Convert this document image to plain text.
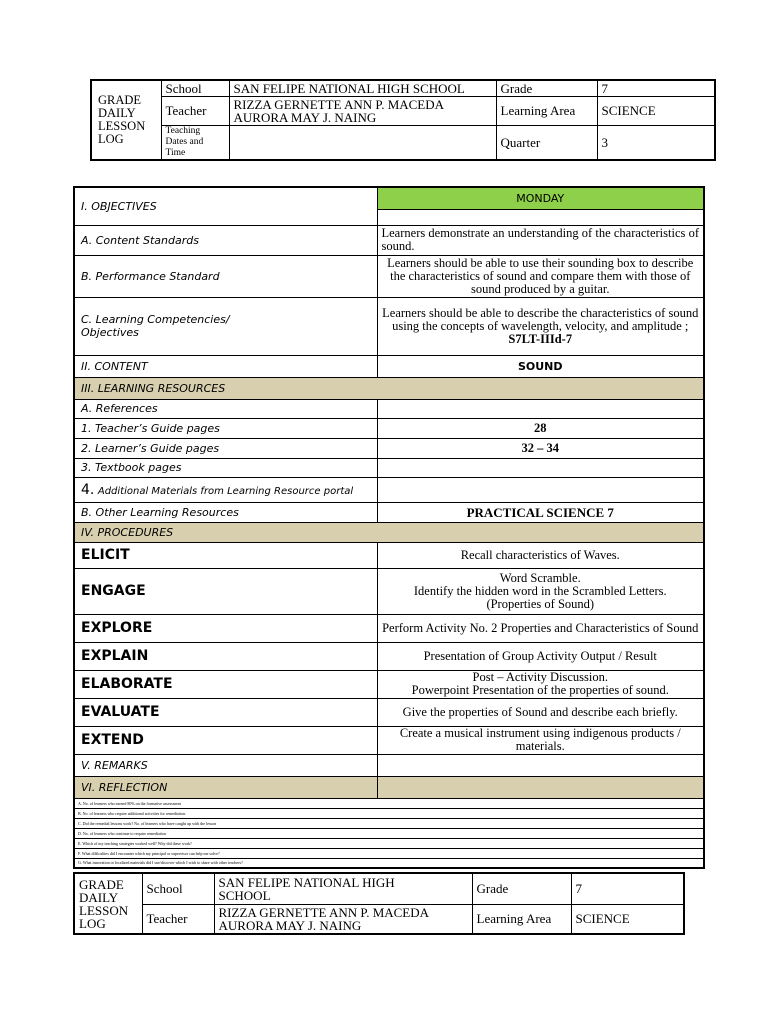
GRADE
DAILY
LESSON
LOG	School	SAN FELIPE NATIONAL HIGH SCHOOL	Grade	7
	Teacher	RIZZA GERNETTE ANN P. MACEDA
AURORA MAY J. NAING	Learning Area	SCIENCE
	Teaching
Dates and
Time		Quarter	3
I. OBJECTIVES	MONDAY

A. Content Standards	Learners demonstrate an understanding of the characteristics of sound.
B. Performance Standard	Learners should be able to use their sounding box to describe the characteristics of sound and compare them with those of sound produced by a guitar.
C. Learning Competencies/
Objectives	Learners should be able to describe the characteristics of sound using the concepts of wavelength, velocity, and amplitude ;
S7LT-IIId-7
II. CONTENT	SOUND
III. LEARNING RESOURCES	
A. References	
1. Teacher’s Guide pages	28
2. Learner’s Guide pages	32 – 34
3. Textbook pages	
4. Additional Materials from Learning Resource portal	
B. Other Learning Resources	PRACTICAL SCIENCE 7
IV. PROCEDURES	
ELICIT	Recall characteristics of Waves.
ENGAGE	Word Scramble.
Identify the hidden word in the Scrambled Letters.
(Properties of Sound)
EXPLORE	Perform Activity No. 2 Properties and Characteristics of Sound
EXPLAIN	Presentation of Group Activity Output / Result
ELABORATE	Post – Activity Discussion.
Powerpoint Presentation of the properties of sound.
EVALUATE	Give the properties of Sound and describe each briefly.
EXTEND	Create a musical instrument using indigenous products / materials.
V. REMARKS	
VI. REFLECTION	
A. No. of learners who earned 80% on the formative assessment	
B. No. of learners who require additional activities for remediation.	
C. Did the remedial lessons work? No. of learners who have caught up with the lesson	
D. No. of learners who continue to require remediation	
E. Which of my teaching strategies worked well? Why did these work?	
F. What difficulties did I encounter which my principal or supervisor can help me solve?	
G. What innovation or localized materials did I use/discover which I wish to share with other teachers?	
GRADE
DAILY
LESSON
LOG	School	SAN FELIPE NATIONAL HIGH
SCHOOL	Grade	7
	Teacher	RIZZA GERNETTE ANN P. MACEDA
AURORA MAY J. NAING	Learning Area	SCIENCE
